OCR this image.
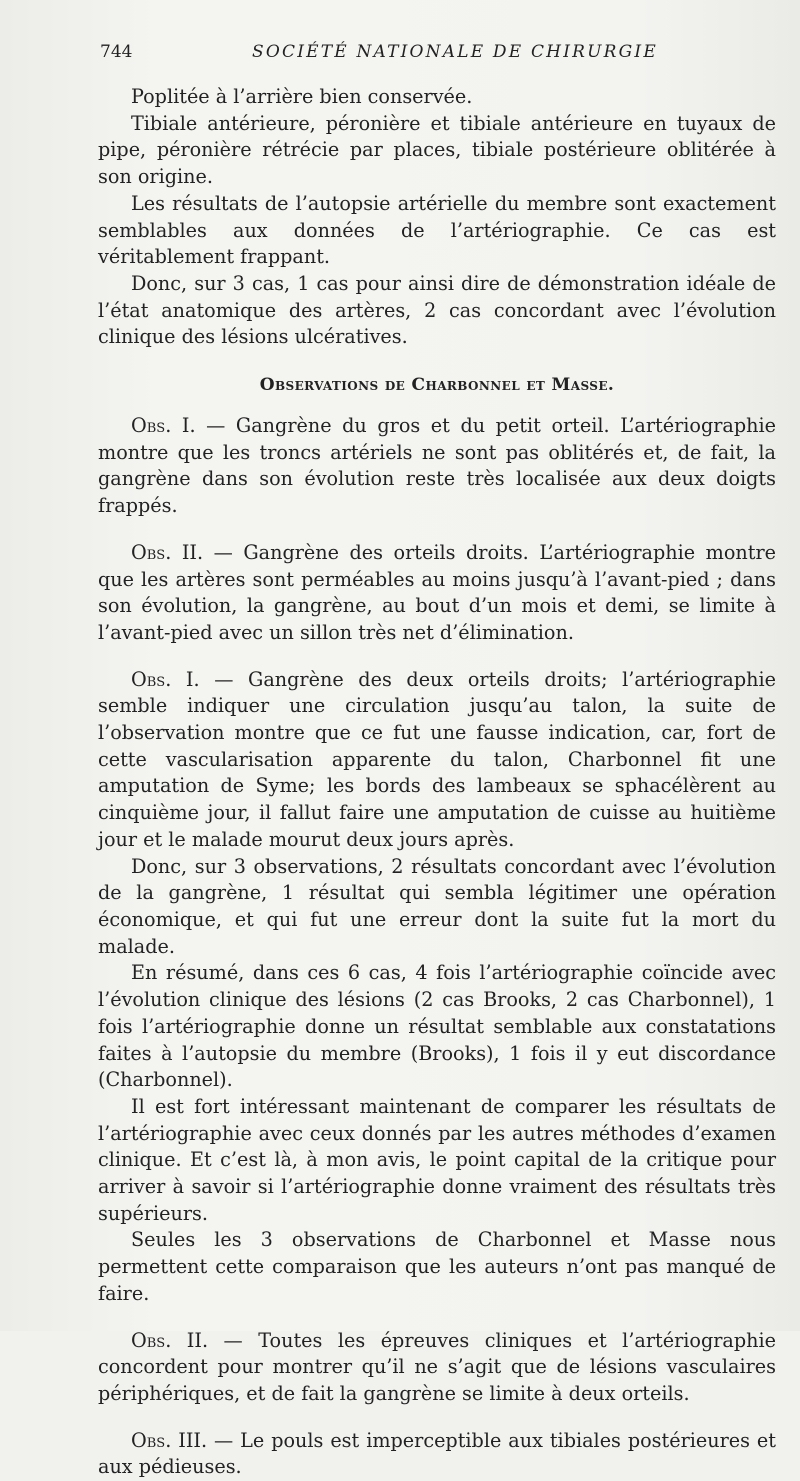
744	SOCIÉTÉ NATIONALE DE CHIRURGIE

Poplitée à l’arrière bien conservée.

Tibiale antérieure, péronière et tibiale antérieure en tuyaux de pipe, péronière rétrécie par places, tibiale postérieure oblitérée à son origine.

Les résultats de l’autopsie artérielle du membre sont exactement semblables aux données de l’artériographie. Ce cas est véritablement frappant.

Donc, sur 3 cas, 1 cas pour ainsi dire de démonstration idéale de l’état anatomique des artères, 2 cas concordant avec l’évolution clinique des lésions ulcératives.

Observations de Charbonnel et Masse.

Obs. I. — Gangrène du gros et du petit orteil. L’artériographie montre que les troncs artériels ne sont pas oblitérés et, de fait, la gangrène dans son évolution reste très localisée aux deux doigts frappés.

Obs. II. — Gangrène des orteils droits. L’artériographie montre que les artères sont perméables au moins jusqu’à l’avant-pied ; dans son évolution, la gangrène, au bout d’un mois et demi, se limite à l’avant-pied avec un sillon très net d’élimination.

Obs. I. — Gangrène des deux orteils droits; l’artériographie semble indiquer une circulation jusqu’au talon, la suite de l’observation montre que ce fut une fausse indication, car, fort de cette vascularisation apparente du talon, Charbonnel fit une amputation de Syme; les bords des lambeaux se sphacélèrent au cinquième jour, il fallut faire une amputation de cuisse au huitième jour et le malade mourut deux jours après.

Donc, sur 3 observations, 2 résultats concordant avec l’évolution de la gangrène, 1 résultat qui sembla légitimer une opération économique, et qui fut une erreur dont la suite fut la mort du malade.

En résumé, dans ces 6 cas, 4 fois l’artériographie coïncide avec l’évolution clinique des lésions (2 cas Brooks, 2 cas Charbonnel), 1 fois l’artériographie donne un résultat semblable aux constatations faites à l’autopsie du membre (Brooks), 1 fois il y eut discordance (Charbonnel).

Il est fort intéressant maintenant de comparer les résultats de l’artériographie avec ceux donnés par les autres méthodes d’examen clinique. Et c’est là, à mon avis, le point capital de la critique pour arriver à savoir si l’artériographie donne vraiment des résultats très supérieurs.

Seules les 3 observations de Charbonnel et Masse nous permettent cette comparaison que les auteurs n’ont pas manqué de faire.

Obs. II. — Toutes les épreuves cliniques et l’artériographie concordent pour montrer qu’il ne s’agit que de lésions vasculaires périphériques, et de fait la gangrène se limite à deux orteils.

Obs. III. — Le pouls est imperceptible aux tibiales postérieures et aux pédieuses.
